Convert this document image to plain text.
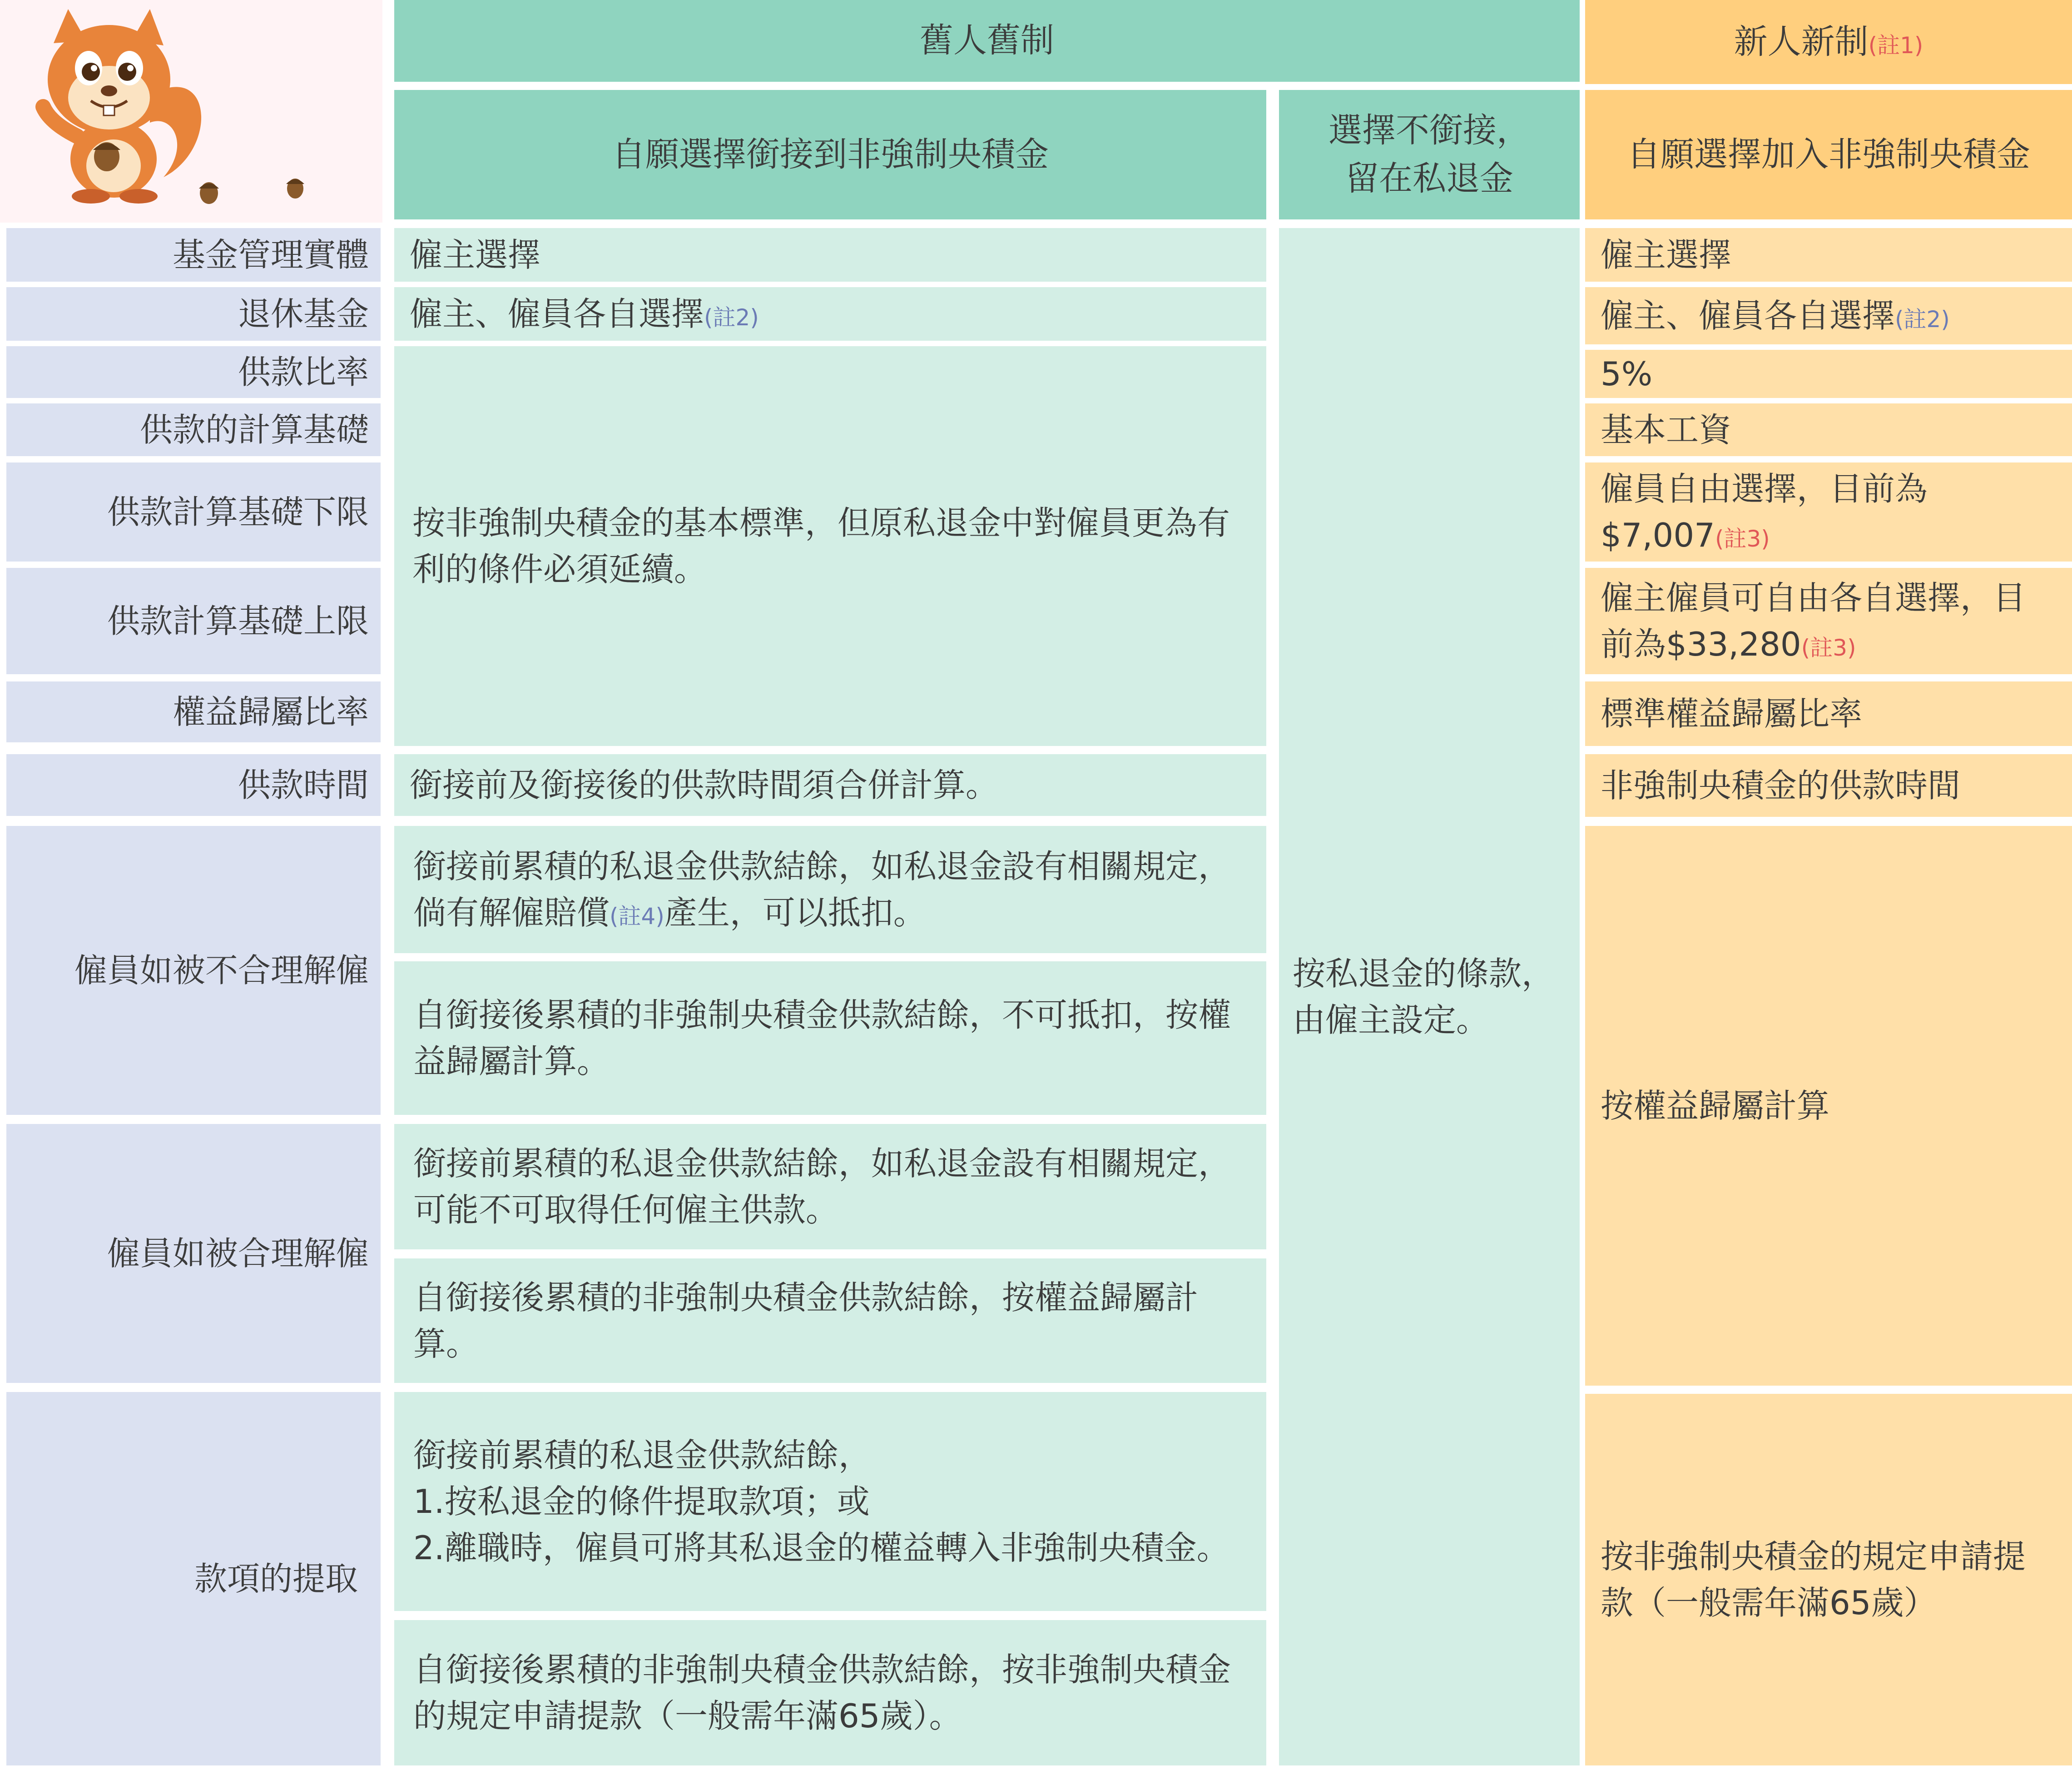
舊人舊制	新人新制(註1)
自願選擇銜接到非強制央積金
選擇不銜接，
留在私退金
自願選擇加入非強制央積金
基金管理實體
退休基金
供款比率
供款的計算基礎
供款計算基礎下限
供款計算基礎上限
權益歸屬比率
供款時間
僱員如被不合理解僱
僱員如被合理解僱
款項的提取
僱主選擇
僱主、僱員各自選擇(註2)
按非強制央積金的基本標準，但原私退金中對僱員更為有利的條件必須延續。
銜接前及銜接後的供款時間須合併計算。
銜接前累積的私退金供款結餘，如私退金設有相關規定，倘有解僱賠償(註4)產生，可以抵扣。
自銜接後累積的非強制央積金供款結餘，不可抵扣，按權益歸屬計算。
銜接前累積的私退金供款結餘，如私退金設有相關規定，可能不可取得任何僱主供款。
自銜接後累積的非強制央積金供款結餘，按權益歸屬計算。
銜接前累積的私退金供款結餘，
1.按私退金的條件提取款項；或
2.離職時，僱員可將其私退金的權益轉入非強制央積金。
自銜接後累積的非強制央積金供款結餘，按非強制央積金的規定申請提款（一般需年滿65歲）。
按私退金的條款，由僱主設定。
僱主選擇
僱主、僱員各自選擇(註2)
5%
基本工資
僱員自由選擇，目前為$7,007(註3)
僱主僱員可自由各自選擇，目前為$33,280(註3)
標準權益歸屬比率
非強制央積金的供款時間
按權益歸屬計算
按非強制央積金的規定申請提款（一般需年滿65歲）
